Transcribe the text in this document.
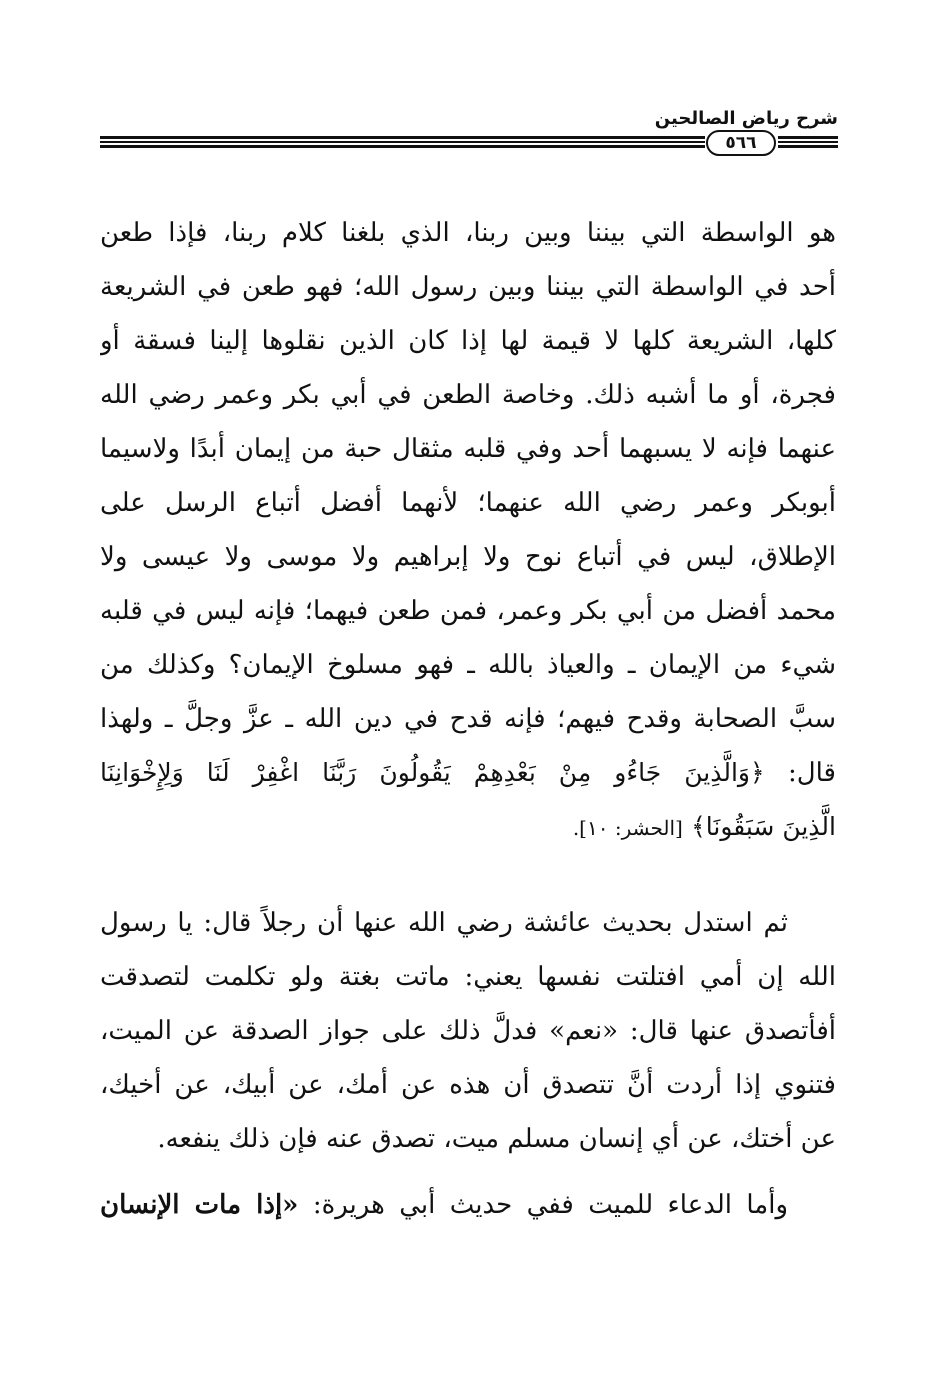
شرح رياض الصالحين
٥٦٦
هو الواسطة التي بيننا وبين ربنا، الذي بلغنا كلام ربنا، فإذا طعن
أحد في الواسطة التي بيننا وبين رسول الله؛ فهو طعن في الشريعة
كلها، الشريعة كلها لا قيمة لها إذا كان الذين نقلوها إلينا فسقة أو
فجرة، أو ما أشبه ذلك. وخاصة الطعن في أبي بكر وعمر رضي الله
عنهما فإنه لا يسبهما أحد وفي قلبه مثقال حبة من إيمان أبدًا ولاسيما
أبوبكر وعمر رضي الله عنهما؛ لأنهما أفضل أتباع الرسل على
الإطلاق، ليس في أتباع نوح ولا إبراهيم ولا موسى ولا عيسى ولا
محمد أفضل من أبي بكر وعمر، فمن طعن فيهما؛ فإنه ليس في قلبه
شيء من الإيمان ـ والعياذ بالله ـ فهو مسلوخ الإيمان؟ وكذلك من
سبَّ الصحابة وقدح فيهم؛ فإنه قدح في دين الله ـ عزَّ وجلَّ ـ ولهذا
قال: ﴿وَالَّذِينَ جَاءُو مِنْ بَعْدِهِمْ يَقُولُونَ رَبَّنَا اغْفِرْ لَنَا وَلِإِخْوَانِنَا
الَّذِينَ سَبَقُونَا﴾ [الحشر: ١٠].
ثم استدل بحديث عائشة رضي الله عنها أن رجلاً قال: يا رسول
الله إن أمي افتلتت نفسها يعني: ماتت بغتة ولو تكلمت لتصدقت
أفأتصدق عنها قال: «نعم» فدلَّ ذلك على جواز الصدقة عن الميت،
فتنوي إذا أردت أنَّ تتصدق أن هذه عن أمك، عن أبيك، عن أخيك،
عن أختك، عن أي إنسان مسلم ميت، تصدق عنه فإن ذلك ينفعه.
وأما الدعاء للميت ففي حديث أبي هريرة: «إذا مات الإنسان
